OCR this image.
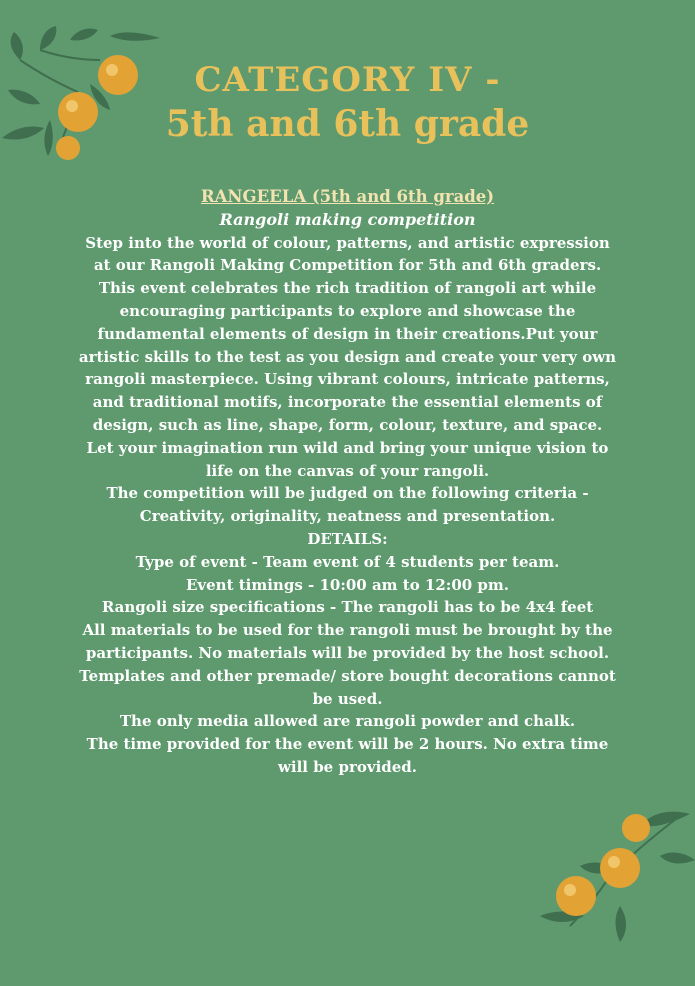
CATEGORY IV -
5th and 6th grade
RANGEELA (5th and 6th grade)
Rangoli making competition
Step into the world of colour, patterns, and artistic expression at our Rangoli Making Competition for 5th and 6th graders. This event celebrates the rich tradition of rangoli art while encouraging participants to explore and showcase the fundamental elements of design in their creations.Put your artistic skills to the test as you design and create your very own rangoli masterpiece. Using vibrant colours, intricate patterns, and traditional motifs, incorporate the essential elements of design, such as line, shape, form, colour, texture, and space. Let your imagination run wild and bring your unique vision to life on the canvas of your rangoli.
The competition will be judged on the following criteria - Creativity, originality, neatness and presentation.
DETAILS:
Type of event - Team event of 4 students per team.
Event timings - 10:00 am to 12:00 pm.
Rangoli size specifications - The rangoli has to be 4x4 feet
All materials to be used for the rangoli must be brought by the participants. No materials will be provided by the host school.
Templates and other premade/ store bought decorations cannot be used.
The only media allowed are rangoli powder and chalk.
The time provided for the event will be 2 hours. No extra time will be provided.
